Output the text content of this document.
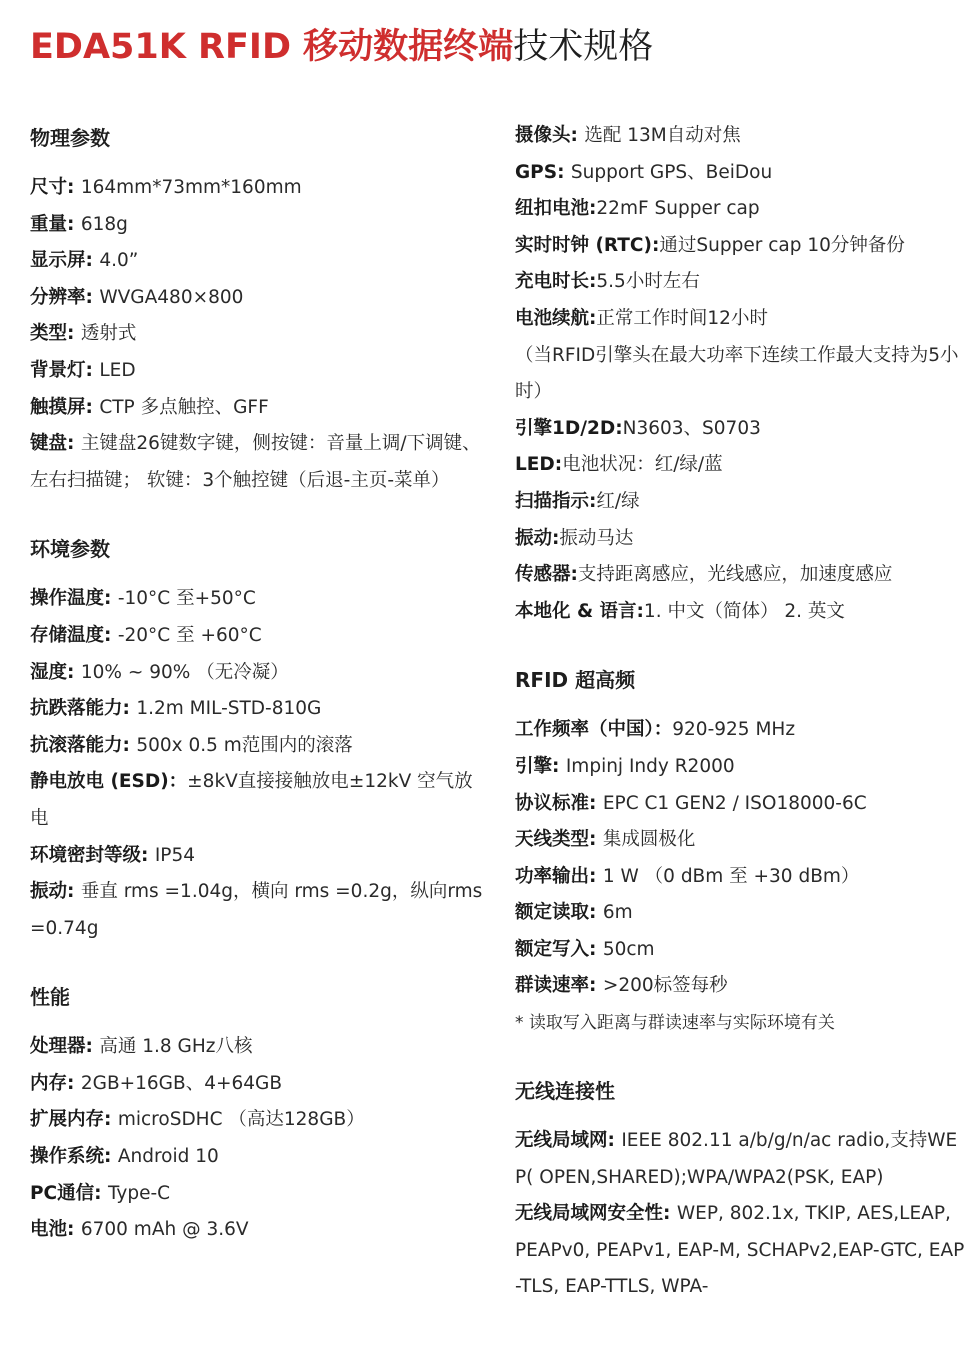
EDA51K RFID 移动数据终端技术规格
物理参数
尺寸: 164mm*73mm*160mm
重量: 618g
显示屏: 4.0”
分辨率: WVGA480×800
类型: 透射式
背景灯: LED
触摸屏: CTP 多点触控、GFF
键盘: 主键盘26键数字键，侧按键：音量上调/下调键、左右扫描键； 软键：3个触控键（后退-主页-菜单）
环境参数
操作温度: -10°C 至+50°C
存储温度: -20°C 至 +60°C
湿度: 10% ~ 90% （无冷凝）
抗跌落能力: 1.2m MIL-STD-810G
抗滚落能力: 500x 0.5 m范围内的滚落
静电放电 (ESD)：±8kV直接接触放电±12kV 空气放电
环境密封等级: IP54
振动: 垂直 rms =1.04g，横向 rms =0.2g，纵向rms =0.74g
性能
处理器: 高通 1.8 GHz八核
内存: 2GB+16GB、4+64GB
扩展内存: microSDHC （高达128GB）
操作系统: Android 10
PC通信: Type-C
电池: 6700 mAh @ 3.6V
摄像头: 选配 13M自动对焦
GPS: Support GPS、BeiDou
纽扣电池:22mF Supper cap
实时时钟 (RTC):通过Supper cap 10分钟备份
充电时长:5.5小时左右
电池续航:正常工作时间12小时
（当RFID引擎头在最大功率下连续工作最大支持为5小时）
引擎1D/2D:N3603、S0703
LED:电池状况：红/绿/蓝
扫描指示:红/绿
振动:振动马达
传感器:支持距离感应，光线感应，加速度感应
本地化 & 语言:1. 中文（简体） 2. 英文
RFID 超高频
工作频率（中国）：920-925 MHz
引擎: Impinj Indy R2000
协议标准: EPC C1 GEN2 / ISO18000-6C
天线类型: 集成圆极化
功率输出: 1 W （0 dBm 至 +30 dBm）
额定读取: 6m
额定写入: 50cm
群读速率: >200标签每秒
* 读取写入距离与群读速率与实际环境有关
无线连接性
无线局域网: IEEE 802.11 a/b/g/n/ac radio,支持WEP( OPEN,SHARED);WPA/WPA2(PSK, EAP)
无线局域网安全性: WEP, 802.1x, TKIP, AES,LEAP, PEAPv0, PEAPv1, EAP-M, SCHAPv2,EAP-GTC, EAP-TLS, EAP-TTLS, WPA-
